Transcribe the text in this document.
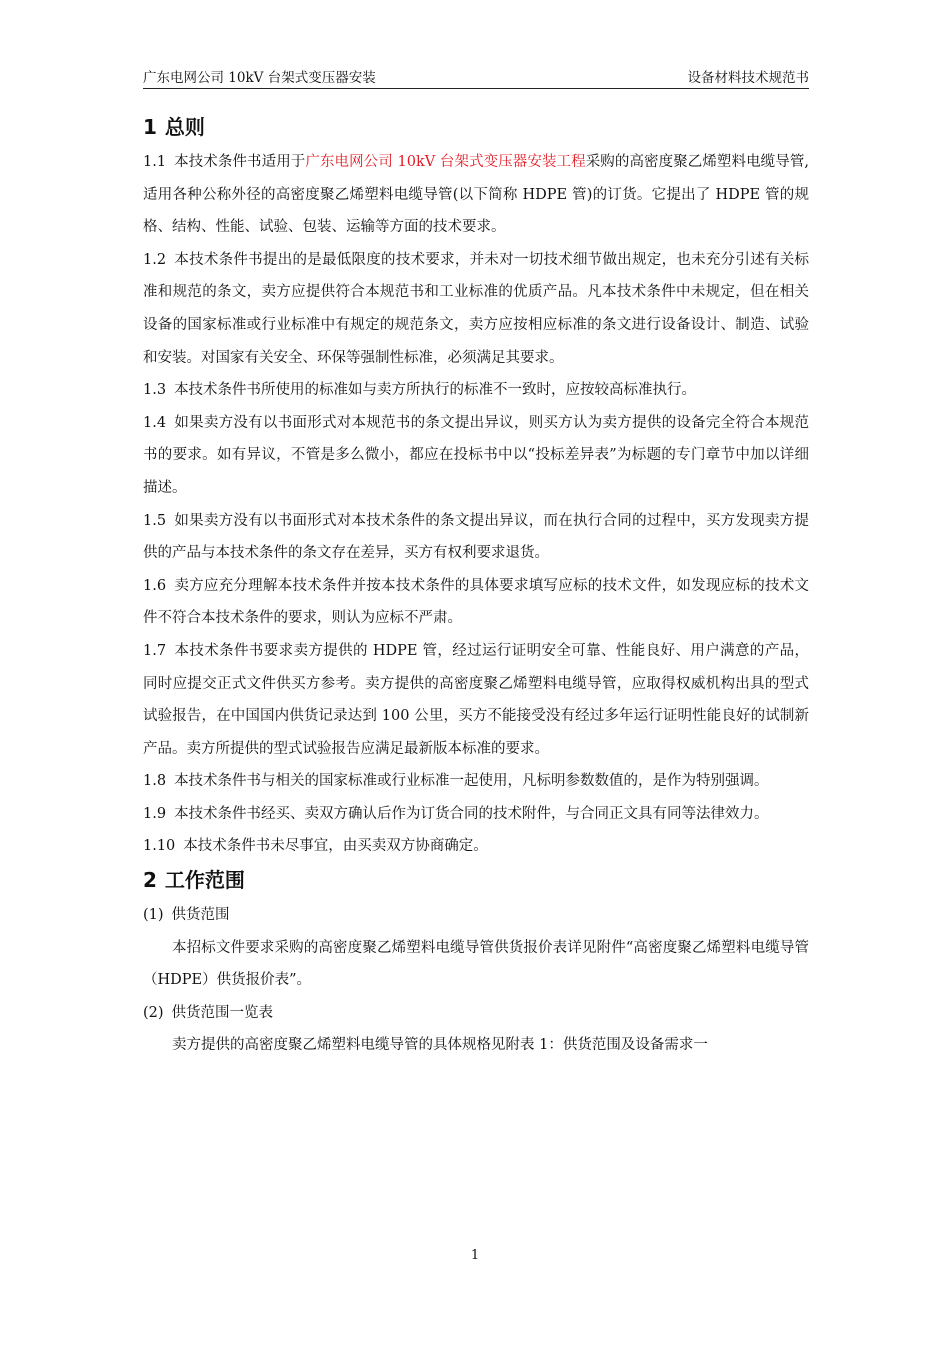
广东电网公司 10kV 台架式变压器安装	设备材料技术规范书
1 总则

1.1 本技术条件书适用于广东电网公司 10kV 台架式变压器安装工程采购的高密度聚乙烯塑料电缆导管,适用各种公称外径的高密度聚乙烯塑料电缆导管(以下简称 HDPE 管)的订货。它提出了 HDPE 管的规格、结构、性能、试验、包装、运输等方面的技术要求。

1.2 本技术条件书提出的是最低限度的技术要求，并未对一切技术细节做出规定，也未充分引述有关标准和规范的条文，卖方应提供符合本规范书和工业标准的优质产品。凡本技术条件中未规定，但在相关设备的国家标准或行业标准中有规定的规范条文，卖方应按相应标准的条文进行设备设计、制造、试验和安装。对国家有关安全、环保等强制性标准，必须满足其要求。

1.3 本技术条件书所使用的标准如与卖方所执行的标准不一致时，应按较高标准执行。

1.4 如果卖方没有以书面形式对本规范书的条文提出异议，则买方认为卖方提供的设备完全符合本规范书的要求。如有异议，不管是多么微小，都应在投标书中以“投标差异表”为标题的专门章节中加以详细描述。

1.5 如果卖方没有以书面形式对本技术条件的条文提出异议，而在执行合同的过程中，买方发现卖方提供的产品与本技术条件的条文存在差异，买方有权利要求退货。

1.6 卖方应充分理解本技术条件并按本技术条件的具体要求填写应标的技术文件，如发现应标的技术文件不符合本技术条件的要求，则认为应标不严肃。

1.7 本技术条件书要求卖方提供的 HDPE 管，经过运行证明安全可靠、性能良好、用户满意的产品， 同时应提交正式文件供买方参考。卖方提供的高密度聚乙烯塑料电缆导管，应取得权威机构出具的型式试验报告，在中国国内供货记录达到 100 公里，买方不能接受没有经过多年运行证明性能良好的试制新产品。卖方所提供的型式试验报告应满足最新版本标准的要求。

1.8 本技术条件书与相关的国家标准或行业标准一起使用，凡标明参数数值的，是作为特别强调。

1.9 本技术条件书经买、卖双方确认后作为订货合同的技术附件，与合同正文具有同等法律效力。

1.10 本技术条件书未尽事宜，由买卖双方协商确定。

2 工作范围

(1) 供货范围

本招标文件要求采购的高密度聚乙烯塑料电缆导管供货报价表详见附件“高密度聚乙烯塑料电缆导管（HDPE）供货报价表”。

(2) 供货范围一览表

卖方提供的高密度聚乙烯塑料电缆导管的具体规格见附表 1：供货范围及设备需求一

1
